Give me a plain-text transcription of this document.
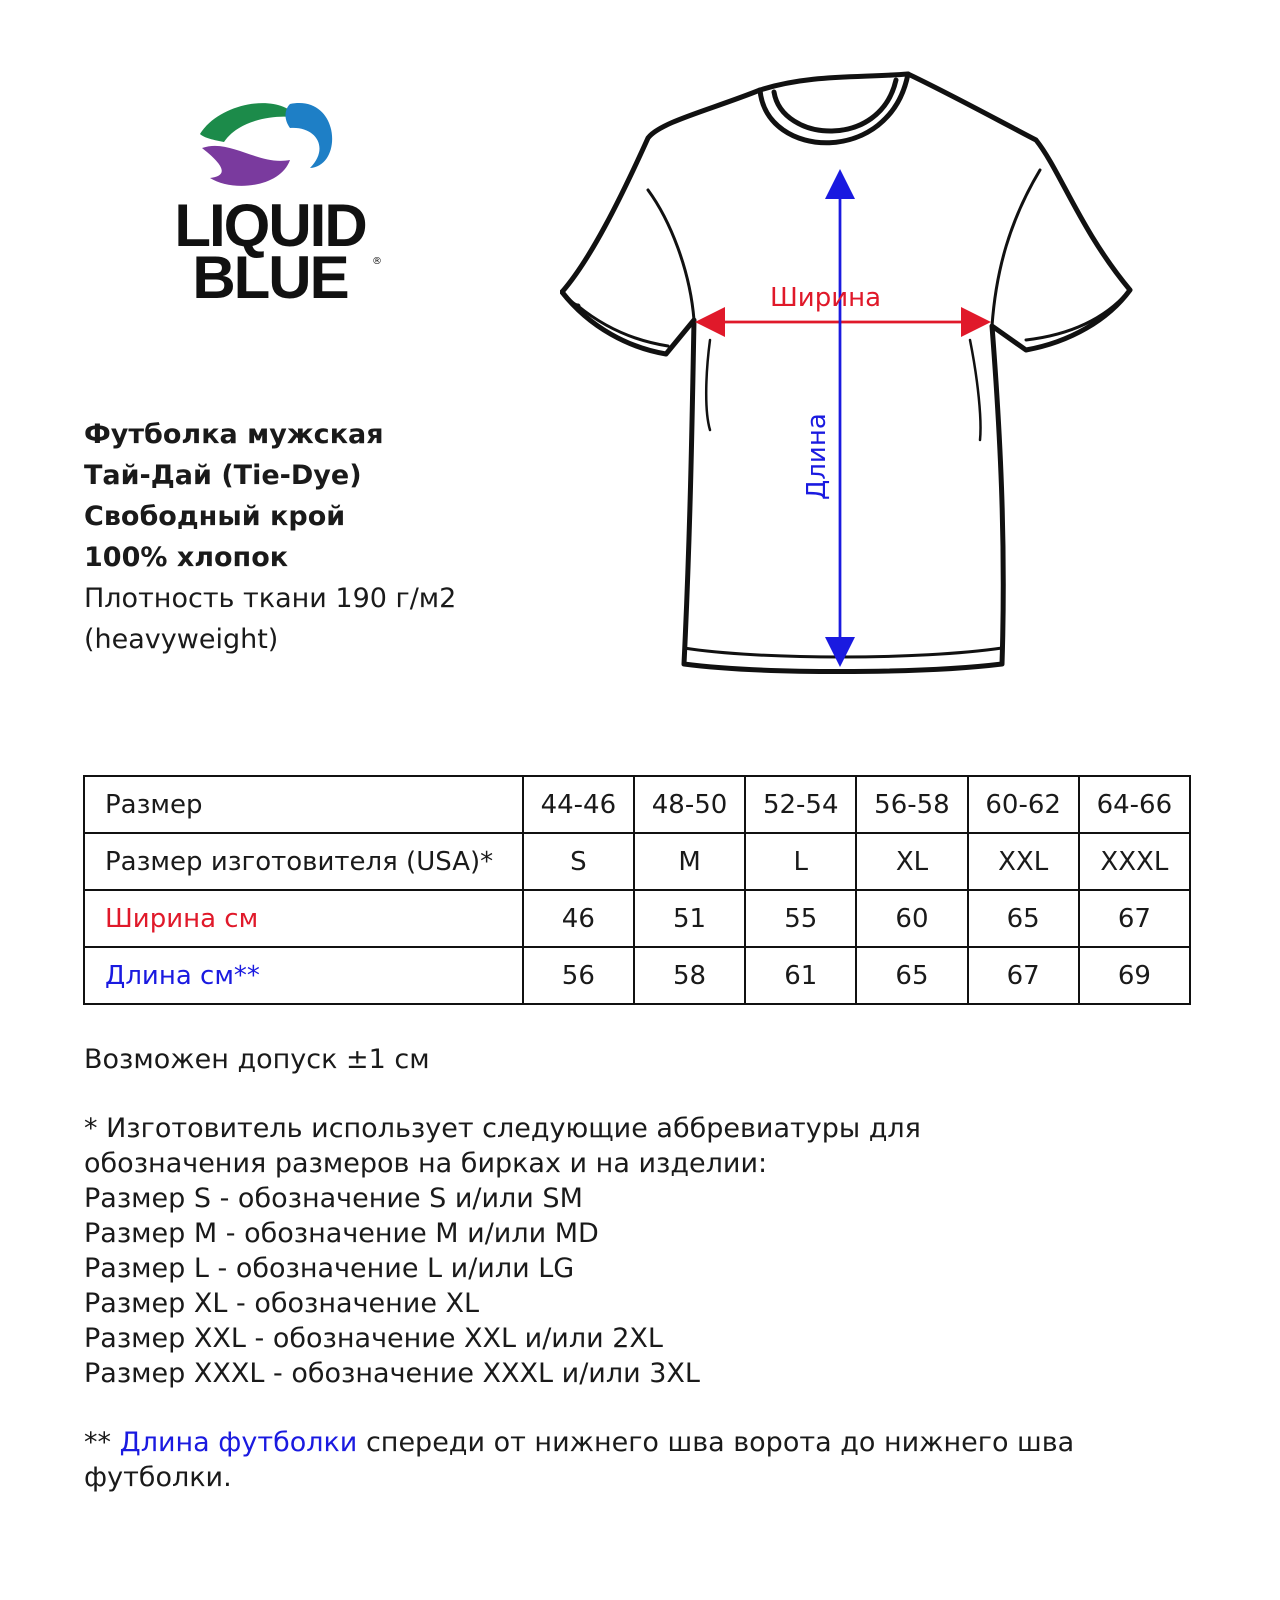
LIQUID
BLUE	®
Футболка мужская
Тай-Дай (Tie-Dye)
Свободный крой
100% хлопок
Плотность ткани 190 г/м2
(heavyweight)
Ширина
Длина
Размер	44-46	48-50	52-54	56-58	60-62	64-66
Размер изготовителя (USA)*	S	M	L	XL	XXL	XXXL
Ширина см	46	51	55	60	65	67
Длина см**	56	58	61	65	67	69

Возможен допуск ±1 см

* Изготовитель использует следующие аббревиатуры для

обозначения размеров на бирках и на изделии:

Размер S - обозначение S и/или SM

Размер M - обозначение M и/или MD

Размер L - обозначение L и/или LG

Размер XL - обозначение XL

Размер XXL - обозначение XXL и/или 2XL

Размер XXXL - обозначение XXXL и/или 3XL

** Длина футболки спереди от нижнего шва ворота до нижнего шва

футболки.
